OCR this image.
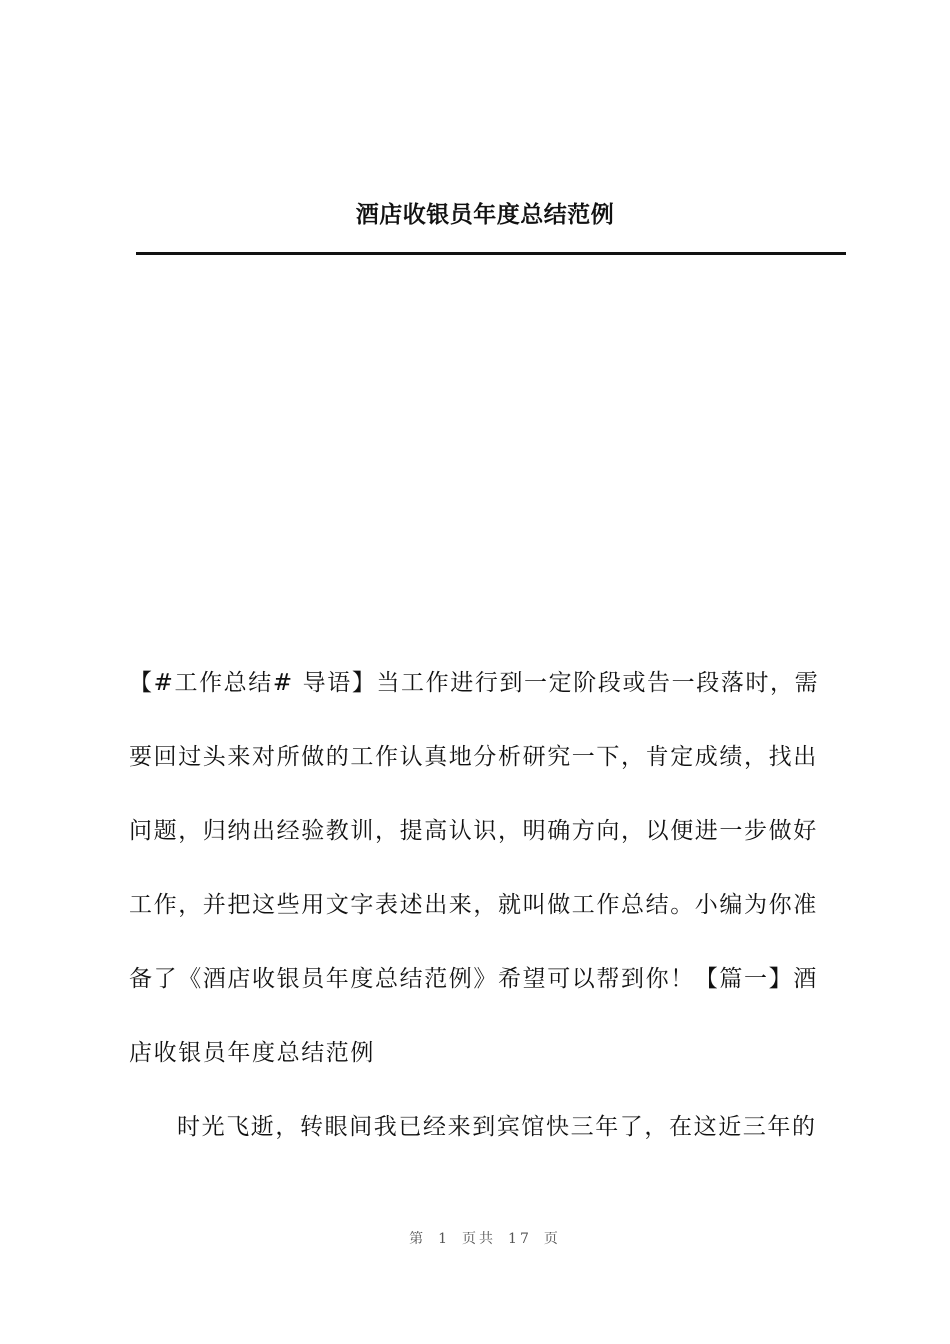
酒店收银员年度总结范例
【#工作总结# 导语】当工作进行到一定阶段或告一段落时，需
要回过头来对所做的工作认真地分析研究一下，肯定成绩，找出
问题，归纳出经验教训，提高认识，明确方向，以便进一步做好
工作，并把这些用文字表述出来，就叫做工作总结。小编为你准
备了《酒店收银员年度总结范例》希望可以帮到你！【篇一】酒
店收银员年度总结范例
时光飞逝，转眼间我已经来到宾馆快三年了，在这近三年的

第 1 页共 17 页
